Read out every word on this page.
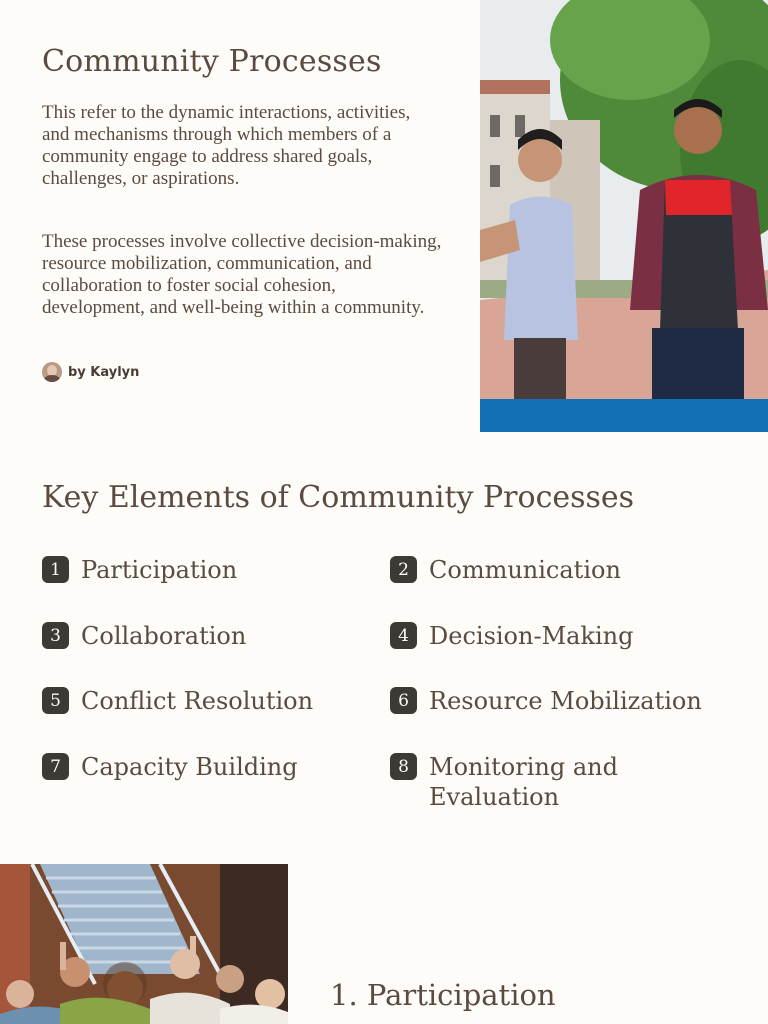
Community Processes

This refer to the dynamic interactions, activities, and mechanisms through which members of a community engage to address shared goals, challenges, or aspirations.

These processes involve collective decision-making, resource mobilization, communication, and collaboration to foster social cohesion, development, and well-being within a community.

by Kaylyn
Key Elements of Community Processes
1 Participation	2 Communication
3 Collaboration	4 Decision-Making
5 Conflict Resolution	6 Resource Mobilization
7 Capacity Building	8 Monitoring and Evaluation
1. Participation
